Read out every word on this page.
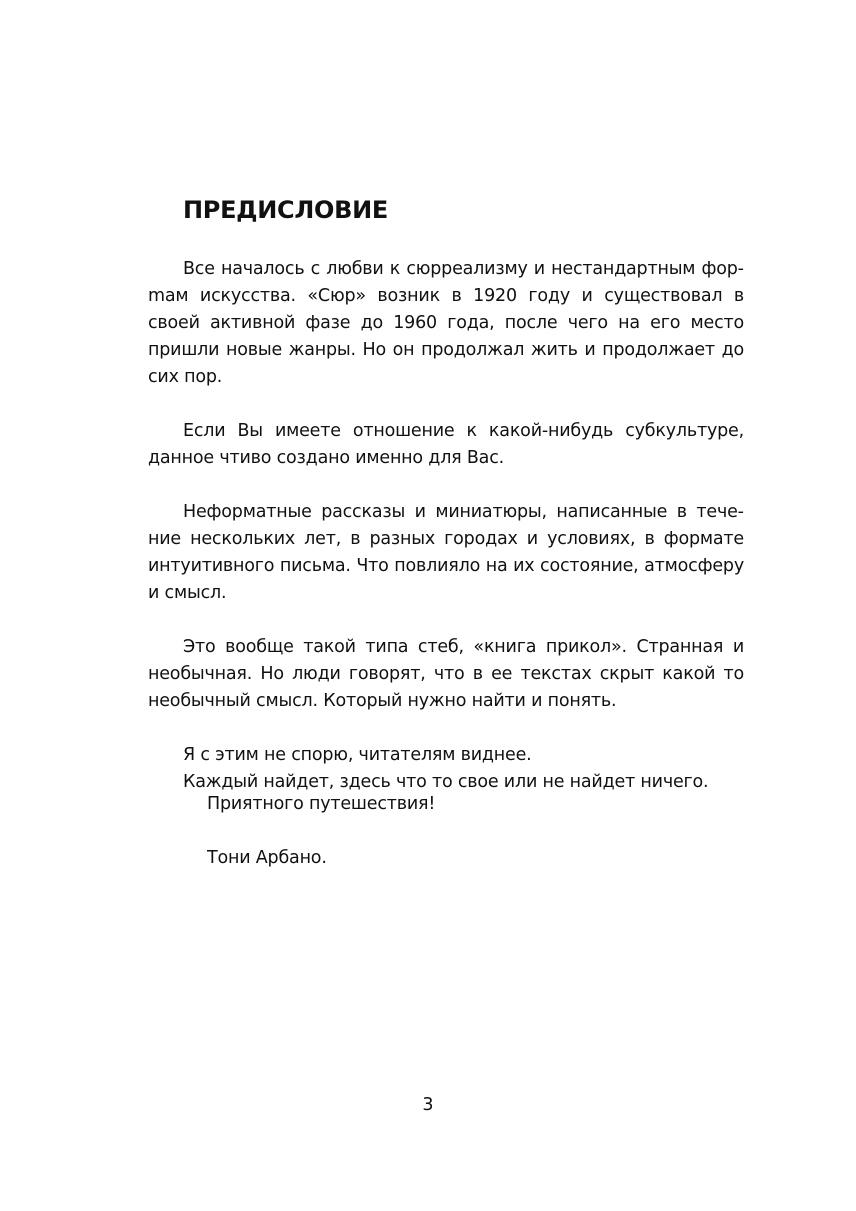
ПРЕДИСЛОВИЕ

Все началось с любви к сюрреализму и нестандартным форmам искусства. «Сюр» возник в 1920 году и существовал в своей активной фазе до 1960 года, после чего на его место пришли новые жанры. Но он продолжал жить и продолжает до сих пор.

Если Вы имеете отношение к какой-нибудь субкультуре, данное чтиво создано именно для Вас.

Неформатные рассказы и миниатюры, написанные в течение нескольких лет, в разных городах и условиях, в формате интуитивного письма. Что повлияло на их состояние, атмосферу и смысл.

Это вообще такой типа стеб, «книга прикол». Странная и необычная. Но люди говорят, что в ее текстах скрыт какой то необычный смысл. Который нужно найти и понять.

Я с этим не спорю, читателям виднее.
Каждый найдет, здесь что то свое или не найдет ничего.

Приятного путешествия!
Тони Арбано.
3
